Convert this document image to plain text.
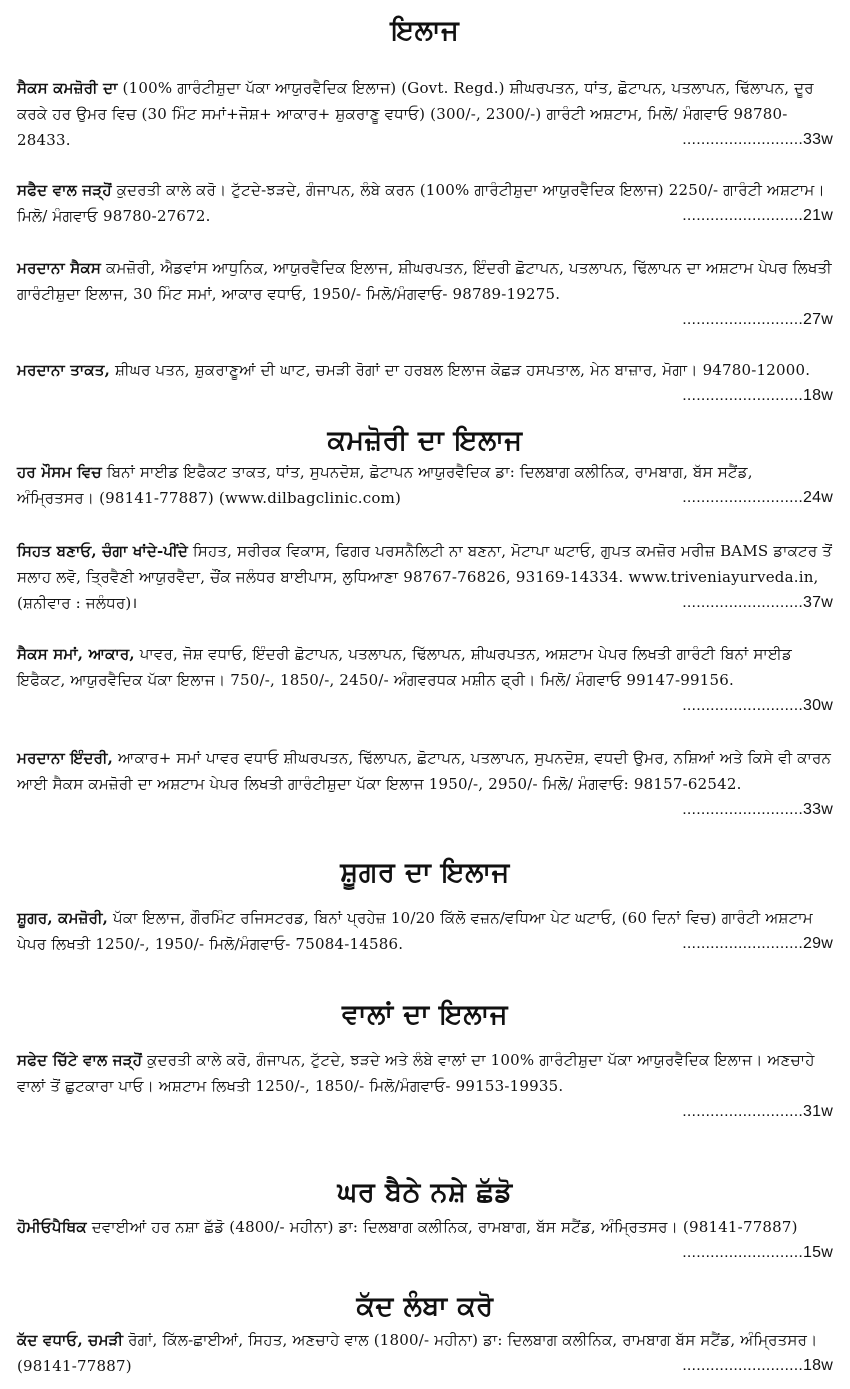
ਇਲਾਜ
ਸੈਕਸ ਕਮਜ਼ੋਰੀ ਦਾ (100% ਗਾਰੰਟੀਸ਼ੁਦਾ ਪੱਕਾ ਆਯੁਰਵੈਦਿਕ ਇਲਾਜ) (Govt. Regd.) ਸ਼ੀਘਰਪਤਨ, ਧਾਂਤ, ਛੋਟਾਪਨ, ਪਤਲਾਪਨ, ਢਿੱਲਾਪਨ, ਦੂਰ ਕਰਕੇ ਹਰ ਉਮਰ ਵਿਚ (30 ਮਿੰਟ ਸਮਾਂ+ਜੋਸ਼+ ਆਕਾਰ+ ਸ਼ੁਕਰਾਣੂ ਵਧਾਓ) (300/-, 2300/-) ਗਾਰੰਟੀ ਅਸ਼ਟਾਮ, ਮਿਲੋ/ ਮੰਗਵਾਓ 98780-28433.	..........................33w
ਸਫੈਦ ਵਾਲ ਜੜ੍ਹੋਂ ਕੁਦਰਤੀ ਕਾਲੇ ਕਰੋ। ਟੁੱਟਦੇ-ਝੜਦੇ, ਗੰਜਾਪਨ, ਲੰਬੇ ਕਰਨ (100% ਗਾਰੰਟੀਸ਼ੁਦਾ ਆਯੁਰਵੈਦਿਕ ਇਲਾਜ) 2250/- ਗਾਰੰਟੀ ਅਸ਼ਟਾਮ। ਮਿਲੋ/ ਮੰਗਵਾਓ 98780-27672.	..........................21w
ਮਰਦਾਨਾ ਸੈਕਸ ਕਮਜ਼ੋਰੀ, ਐਡਵਾਂਸ ਆਧੁਨਿਕ, ਆਯੁਰਵੈਦਿਕ ਇਲਾਜ, ਸ਼ੀਘਰਪਤਨ, ਇੰਦਰੀ ਛੋਟਾਪਨ, ਪਤਲਾਪਨ, ਢਿੱਲਾਪਨ ਦਾ ਅਸ਼ਟਾਮ ਪੇਪਰ ਲਿਖਤੀ ਗਾਰੰਟੀਸ਼ੁਦਾ ਇਲਾਜ, 30 ਮਿੰਟ ਸਮਾਂ, ਆਕਾਰ ਵਧਾਓ, 1950/- ਮਿਲੋ/ਮੰਗਵਾਓ- 98789-19275.
..........................27w
ਮਰਦਾਨਾ ਤਾਕਤ, ਸ਼ੀਘਰ ਪਤਨ, ਸ਼ੁਕਰਾਣੂਆਂ ਦੀ ਘਾਟ, ਚਮੜੀ ਰੋਗਾਂ ਦਾ ਹਰਬਲ ਇਲਾਜ ਕੋਛੜ ਹਸਪਤਾਲ, ਮੇਨ ਬਾਜ਼ਾਰ, ਮੋਗਾ। 94780-12000.
..........................18w
ਕਮਜ਼ੋਰੀ ਦਾ ਇਲਾਜ
ਹਰ ਮੌਸਮ ਵਿਚ ਬਿਨਾਂ ਸਾਈਡ ਇਫੈਕਟ ਤਾਕਤ, ਧਾਂਤ, ਸੁਪਨਦੋਸ਼, ਛੋਟਾਪਨ ਆਯੁਰਵੈਦਿਕ ਡਾ: ਦਿਲਬਾਗ ਕਲੀਨਿਕ, ਰਾਮਬਾਗ, ਬੱਸ ਸਟੈਂਡ, ਅੰਮ੍ਰਿਤਸਰ। (98141-77887) (www.dilbagclinic.com)	..........................24w
ਸਿਹਤ ਬਣਾਓ, ਚੰਗਾ ਖਾਂਦੇ-ਪੀਂਦੇ ਸਿਹਤ, ਸਰੀਰਕ ਵਿਕਾਸ, ਫਿਗਰ ਪਰਸਨੈਲਿਟੀ ਨਾ ਬਣਨਾ, ਮੋਟਾਪਾ ਘਟਾਓ, ਗੁਪਤ ਕਮਜ਼ੋਰ ਮਰੀਜ਼ BAMS ਡਾਕਟਰ ਤੋਂ ਸਲਾਹ ਲਵੋ, ਤ੍ਰਿਵੈਣੀ ਆਯੁਰਵੈਦਾ, ਚੌਂਕ ਜਲੰਧਰ ਬਾਈਪਾਸ, ਲੁਧਿਆਣਾ 98767-76826, 93169-14334. www.triveniayurveda.in, (ਸ਼ਨੀਵਾਰ : ਜਲੰਧਰ)।	..........................37w
ਸੈਕਸ ਸਮਾਂ, ਆਕਾਰ, ਪਾਵਰ, ਜੋਸ਼ ਵਧਾਓ, ਇੰਦਰੀ ਛੋਟਾਪਨ, ਪਤਲਾਪਨ, ਢਿੱਲਾਪਨ, ਸ਼ੀਘਰਪਤਨ, ਅਸ਼ਟਾਮ ਪੇਪਰ ਲਿਖਤੀ ਗਾਰੰਟੀ ਬਿਨਾਂ ਸਾਈਡ ਇਫੈਕਟ, ਆਯੁਰਵੈਦਿਕ ਪੱਕਾ ਇਲਾਜ। 750/-, 1850/-, 2450/- ਅੰਗਵਰਧਕ ਮਸ਼ੀਨ ਫ੍ਰੀ। ਮਿਲੋ/ ਮੰਗਵਾਓ 99147-99156.
..........................30w
ਮਰਦਾਨਾ ਇੰਦਰੀ, ਆਕਾਰ+ ਸਮਾਂ ਪਾਵਰ ਵਧਾਓ ਸ਼ੀਘਰਪਤਨ, ਢਿੱਲਾਪਨ, ਛੋਟਾਪਨ, ਪਤਲਾਪਨ, ਸੁਪਨਦੋਸ਼, ਵਧਦੀ ਉਮਰ, ਨਸ਼ਿਆਂ ਅਤੇ ਕਿਸੇ ਵੀ ਕਾਰਨ ਆਈ ਸੈਕਸ ਕਮਜ਼ੋਰੀ ਦਾ ਅਸ਼ਟਾਮ ਪੇਪਰ ਲਿਖਤੀ ਗਾਰੰਟੀਸ਼ੁਦਾ ਪੱਕਾ ਇਲਾਜ 1950/-, 2950/- ਮਿਲੋ/ ਮੰਗਵਾਓ: 98157-62542.
..........................33w
ਸ਼ੂਗਰ ਦਾ ਇਲਾਜ
ਸ਼ੂਗਰ, ਕਮਜ਼ੋਰੀ, ਪੱਕਾ ਇਲਾਜ, ਗੌਰਮਿੰਟ ਰਜਿਸਟਰਡ, ਬਿਨਾਂ ਪ੍ਰਹੇਜ਼ 10/20 ਕਿੱਲੋ ਵਜ਼ਨ/ਵਧਿਆ ਪੇਟ ਘਟਾਓ, (60 ਦਿਨਾਂ ਵਿਚ) ਗਾਰੰਟੀ ਅਸ਼ਟਾਮ ਪੇਪਰ ਲਿਖਤੀ 1250/-, 1950/- ਮਿਲੋ/ਮੰਗਵਾਓ- 75084-14586.	..........................29w
ਵਾਲਾਂ ਦਾ ਇਲਾਜ
ਸਫੇਦ ਚਿੱਟੇ ਵਾਲ ਜੜ੍ਹੋਂ ਕੁਦਰਤੀ ਕਾਲੇ ਕਰੋ, ਗੰਜਾਪਨ, ਟੁੱਟਦੇ, ਝੜਦੇ ਅਤੇ ਲੰਬੇ ਵਾਲਾਂ ਦਾ 100% ਗਾਰੰਟੀਸ਼ੁਦਾ ਪੱਕਾ ਆਯੁਰਵੈਦਿਕ ਇਲਾਜ। ਅਣਚਾਹੇ ਵਾਲਾਂ ਤੋਂ ਛੁਟਕਾਰਾ ਪਾਓ। ਅਸ਼ਟਾਮ ਲਿਖਤੀ 1250/-, 1850/- ਮਿਲੋ/ਮੰਗਵਾਓ- 99153-19935.
..........................31w
ਘਰ ਬੈਠੇ ਨਸ਼ੇ ਛੱਡੋ
ਹੋਮੀਓਪੈਥਿਕ ਦਵਾਈਆਂ ਹਰ ਨਸ਼ਾ ਛੱਡੋ (4800/- ਮਹੀਨਾ) ਡਾ: ਦਿਲਬਾਗ ਕਲੀਨਿਕ, ਰਾਮਬਾਗ, ਬੱਸ ਸਟੈਂਡ, ਅੰਮ੍ਰਿਤਸਰ। (98141-77887)
..........................15w
ਕੱਦ ਲੰਬਾ ਕਰੋ
ਕੱਦ ਵਧਾਓ, ਚਮੜੀ ਰੋਗਾਂ, ਕਿੱਲ-ਛਾਈਆਂ, ਸਿਹਤ, ਅਣਚਾਹੇ ਵਾਲ (1800/- ਮਹੀਨਾ) ਡਾ: ਦਿਲਬਾਗ ਕਲੀਨਿਕ, ਰਾਮਬਾਗ ਬੱਸ ਸਟੈਂਡ, ਅੰਮ੍ਰਿਤਸਰ। (98141-77887)	..........................18w
